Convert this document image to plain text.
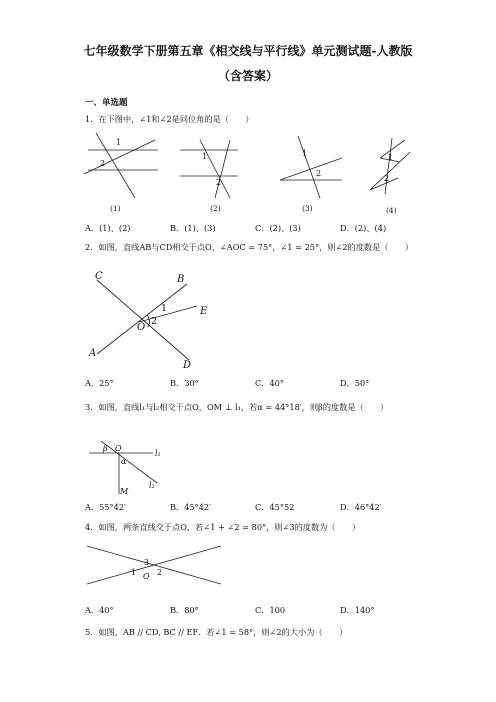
七年级数学下册第五章《相交线与平行线》单元测试题-人教版
（含答案）
一、单选题
1．在下图中，∠1和∠2是同位角的是（　　）
1
2
(1)
1
2
(2)
1
2
(3)
1
2
(4)
A．(1)、(2)	B．(1)、(3)	C．(2)、(3)	D．(2)、(4)
2．如图，直线AB与CD相交于点O，∠AOC = 75°，∠1 = 25°，则∠2的度数是（　　）
C	B
E
O
A
D
1
2
A．25°	B．30°	C．40°	D．50°
3．如图，直线l₁与l₂相交于点O，OM ⊥ l₁，若α = 44°18′，则β的度数是（　　）
β O
l₁
α
l₂
M
A．55°42′	B．45°42′	C．45°52	D．46°42′
4．如图，两条直线交于点O，若∠1 + ∠2 = 80°，则∠3的度数为（　　）
3
1 O 2
A．40°	B．80°	C．100	D．140°
5．如图，AB // CD, BC // EF．若∠1 = 58°，则∠2的大小为（　　）
